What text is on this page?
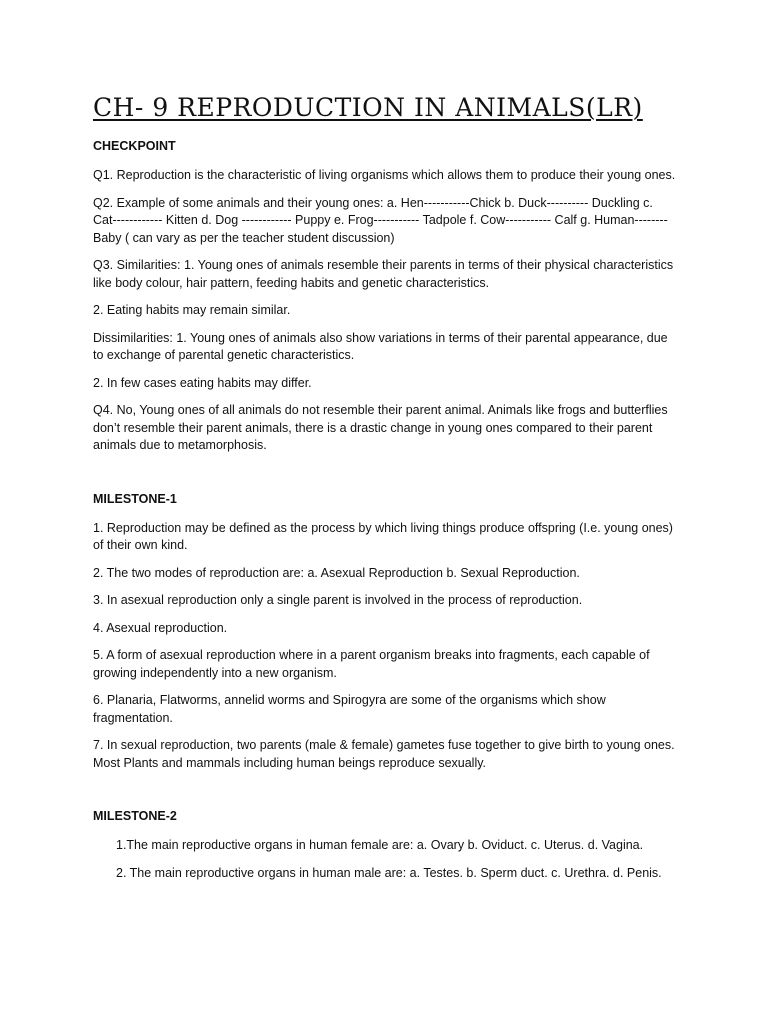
CH- 9 REPRODUCTION IN ANIMALS(LR)
CHECKPOINT

Q1. Reproduction is the characteristic of living organisms which allows them to produce their young ones.

Q2. Example of some animals and their young ones: a. Hen-----------Chick b. Duck---------- Duckling c. Cat------------ Kitten d. Dog ------------ Puppy e. Frog----------- Tadpole f. Cow----------- Calf g. Human-------- Baby ( can vary as per the teacher student discussion)

Q3. Similarities: 1. Young ones of animals resemble their parents in terms of their physical characteristics like body colour, hair pattern, feeding habits and genetic characteristics.

2. Eating habits may remain similar.

Dissimilarities: 1. Young ones of animals also show variations in terms of their parental appearance, due to exchange of parental genetic characteristics.

2. In few cases eating habits may differ.

Q4. No, Young ones of all animals do not resemble their parent animal. Animals like frogs and butterflies don’t resemble their parent animals, there is a drastic change in young ones compared to their parent animals due to metamorphosis.

MILESTONE-1

1. Reproduction may be defined as the process by which living things produce offspring (I.e. young ones) of their own kind.

2. The two modes of reproduction are: a. Asexual Reproduction b. Sexual Reproduction.

3. In asexual reproduction only a single parent is involved in the process of reproduction.

4. Asexual reproduction.

5. A form of asexual reproduction where in a parent organism breaks into fragments, each capable of growing independently into a new organism.

6. Planaria, Flatworms, annelid worms and Spirogyra are some of the organisms which show fragmentation.

7. In sexual reproduction, two parents (male & female) gametes fuse together to give birth to young ones. Most Plants and mammals including human beings reproduce sexually.

MILESTONE-2

1.The main reproductive organs in human female are: a. Ovary b. Oviduct. c. Uterus. d. Vagina.

2. The main reproductive organs in human male are: a. Testes. b. Sperm duct. c. Urethra. d. Penis.
